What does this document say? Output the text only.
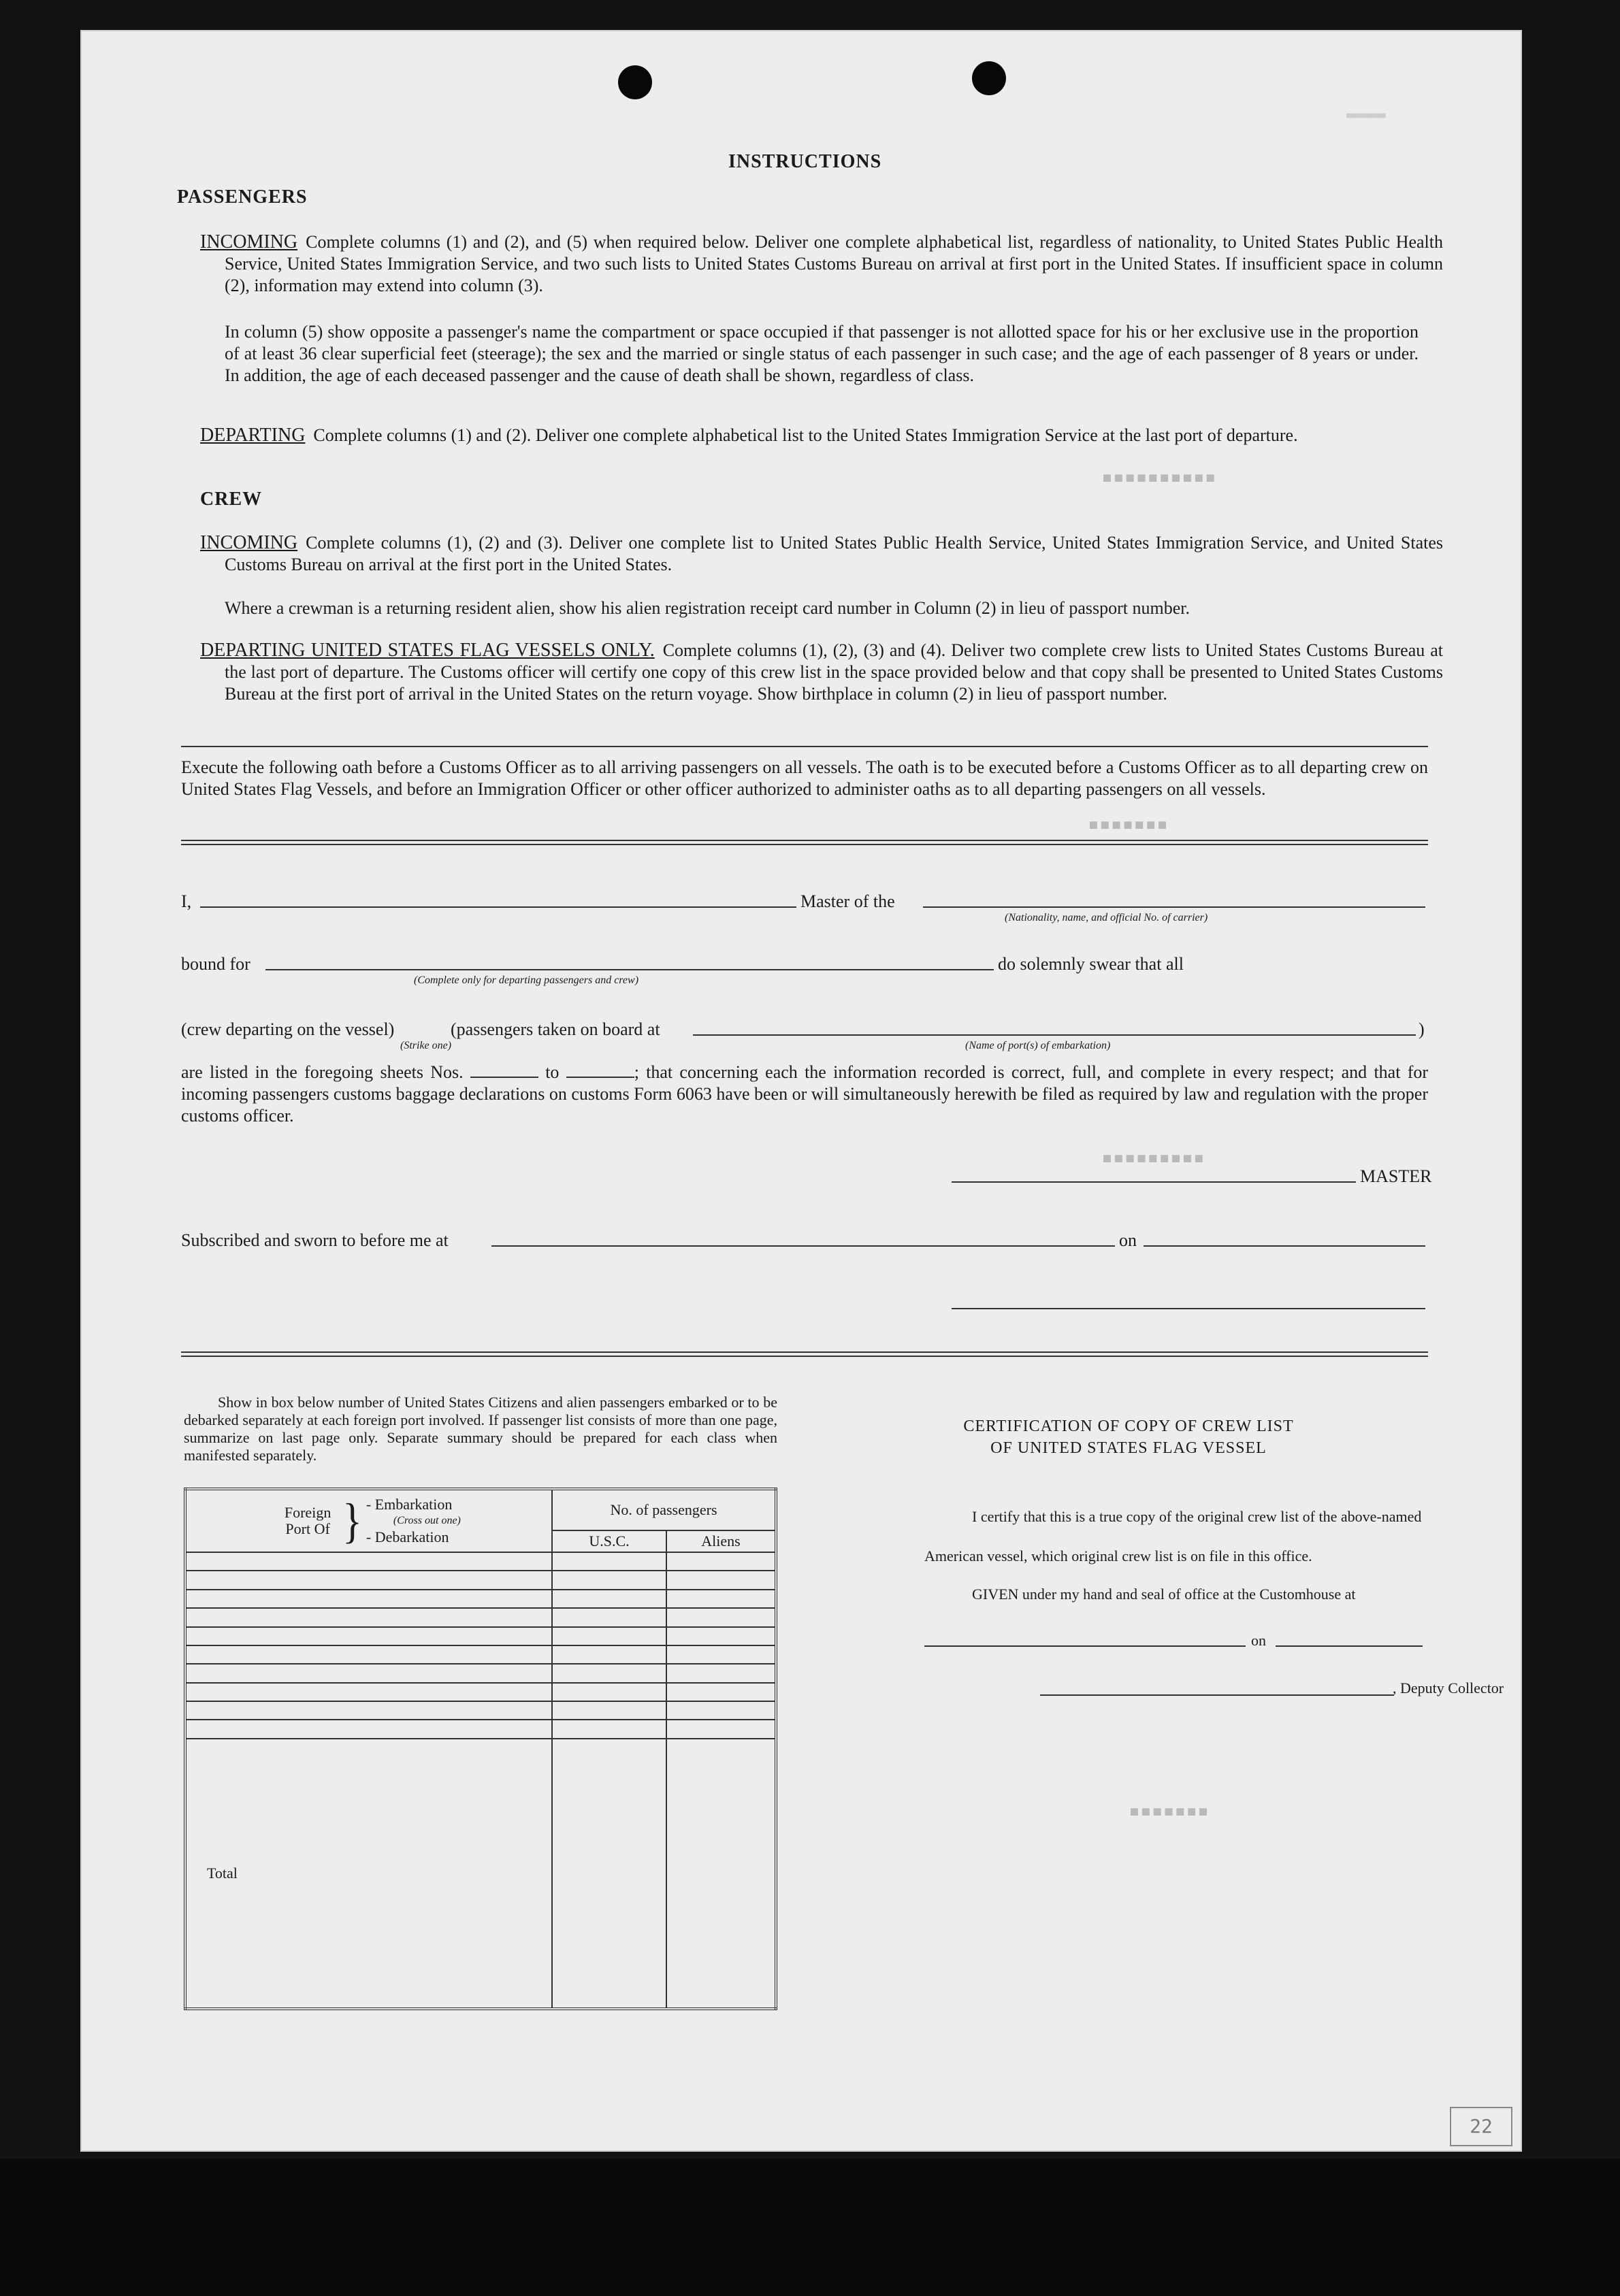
▬▬▬▬
▪▪▪▪▪▪▪▪▪▪
▪▪▪▪▪▪▪
▪▪▪▪▪▪▪▪▪
▪▪▪▪▪▪▪
INSTRUCTIONS
PASSENGERS
INCOMING Complete columns (1) and (2), and (5) when required below. Deliver one complete alphabetical list, regardless of nationality, to United States Public Health Service, United States Immigration Service, and two such lists to United States Customs Bureau on arrival at first port in the United States. If insufficient space in column (2), information may extend into column (3).
In column (5) show opposite a passenger's name the compartment or space occupied if that passenger is not allotted space for his or her exclusive use in the proportion of at least 36 clear superficial feet (steerage); the sex and the married or single status of each passenger in such case; and the age of each passenger of 8 years or under. In addition, the age of each deceased passenger and the cause of death shall be shown, regardless of class.
DEPARTING Complete columns (1) and (2). Deliver one complete alphabetical list to the United States Immigration Service at the last port of departure.
CREW
INCOMING Complete columns (1), (2) and (3). Deliver one complete list to United States Public Health Service, United States Immigration Service, and United States Customs Bureau on arrival at the first port in the United States.
Where a crewman is a returning resident alien, show his alien registration receipt card number in Column (2) in lieu of passport number.
DEPARTING UNITED STATES FLAG VESSELS ONLY. Complete columns (1), (2), (3) and (4). Deliver two complete crew lists to United States Customs Bureau at the last port of departure. The Customs officer will certify one copy of this crew list in the space provided below and that copy shall be presented to United States Customs Bureau at the first port of arrival in the United States on the return voyage. Show birthplace in column (2) in lieu of passport number.
Execute the following oath before a Customs Officer as to all arriving passengers on all vessels. The oath is to be executed before a Customs Officer as to all departing crew on United States Flag Vessels, and before an Immigration Officer or other officer authorized to administer oaths as to all departing passengers on all vessels.
I,	Master of the
(Nationality, name, and official No. of carrier)
bound for
(Complete only for departing passengers and crew)
do solemnly swear that all
(crew departing on the vessel)	(passengers taken on board at	)
(Strike one)	(Name of port(s) of embarkation)
are listed in the foregoing sheets Nos.	to	; that concerning each the information recorded is correct, full, and complete in every respect; and that for incoming passengers customs baggage declarations on customs Form 6063 have been or will simultaneously herewith be filed as required by law and regulation with the proper customs officer.
MASTER
Subscribed and sworn to before me at	on
Show in box below number of United States Citizens and alien passengers embarked or to be debarked separately at each foreign port involved. If passenger list consists of more than one page, summarize on last page only. Separate summary should be prepared for each class when manifested separately.
Foreign Port Of } - Embarkation
(Cross out one)
- Debarkation	No. of passengers	
	U.S.C.	Aliens

Total		
CERTIFICATION OF COPY OF CREW LIST
OF UNITED STATES FLAG VESSEL
I certify that this is a true copy of the original crew list of the above-named
American vessel, which original crew list is on file in this office.
GIVEN under my hand and seal of office at the Customhouse at
on
, Deputy Collector
22
